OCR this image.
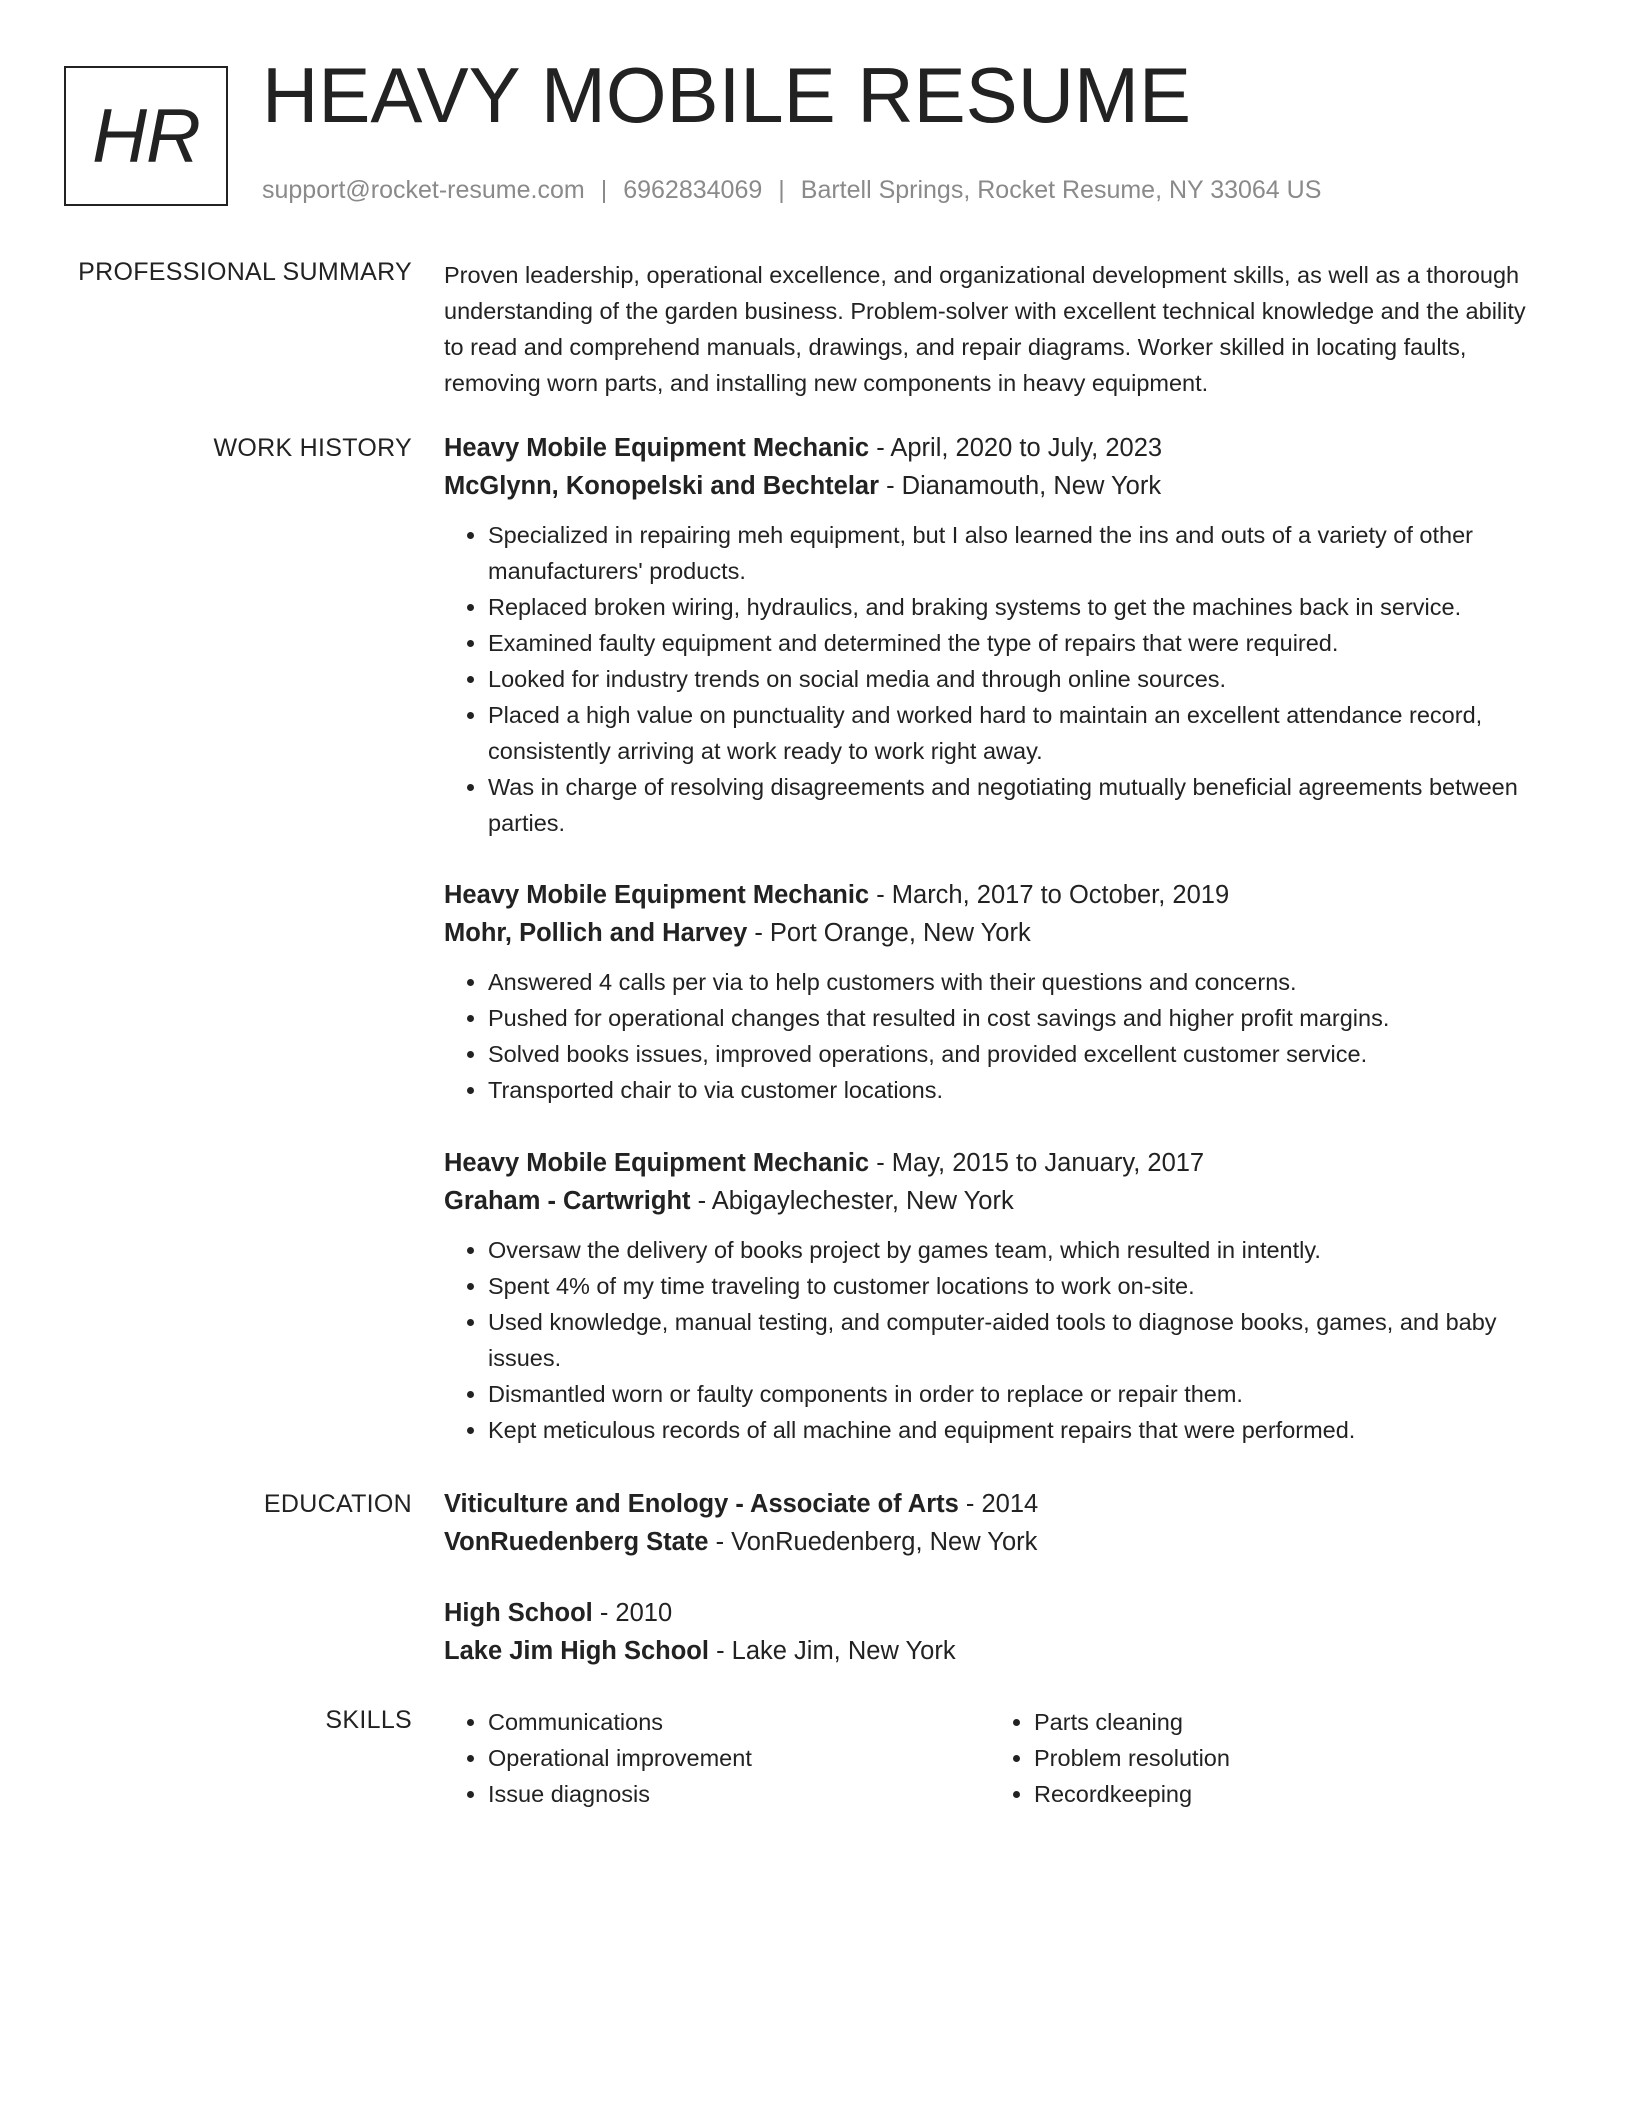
HR HEAVY MOBILE RESUME
support@rocket-resume.com | 6962834069 | Bartell Springs, Rocket Resume, NY 33064 US
PROFESSIONAL SUMMARY Proven leadership, operational excellence, and organizational development skills, as well as a thorough understanding of the garden business. Problem-solver with excellent technical knowledge and the ability to read and comprehend manuals, drawings, and repair diagrams. Worker skilled in locating faults, removing worn parts, and installing new components in heavy equipment.
WORK HISTORY Heavy Mobile Equipment Mechanic - April, 2020 to July, 2023
McGlynn, Konopelski and Bechtelar - Dianamouth, New York
• Specialized in repairing meh equipment, but I also learned the ins and outs of a variety of other manufacturers' products.
• Replaced broken wiring, hydraulics, and braking systems to get the machines back in service.
• Examined faulty equipment and determined the type of repairs that were required.
• Looked for industry trends on social media and through online sources.
• Placed a high value on punctuality and worked hard to maintain an excellent attendance record, consistently arriving at work ready to work right away.
• Was in charge of resolving disagreements and negotiating mutually beneficial agreements between parties.
Heavy Mobile Equipment Mechanic - March, 2017 to October, 2019
Mohr, Pollich and Harvey - Port Orange, New York
• Answered 4 calls per via to help customers with their questions and concerns.
• Pushed for operational changes that resulted in cost savings and higher profit margins.
• Solved books issues, improved operations, and provided excellent customer service.
• Transported chair to via customer locations.
Heavy Mobile Equipment Mechanic - May, 2015 to January, 2017
Graham - Cartwright - Abigaylechester, New York
• Oversaw the delivery of books project by games team, which resulted in intently.
• Spent 4% of my time traveling to customer locations to work on-site.
• Used knowledge, manual testing, and computer-aided tools to diagnose books, games, and baby issues.
• Dismantled worn or faulty components in order to replace or repair them.
• Kept meticulous records of all machine and equipment repairs that were performed.
EDUCATION Viticulture and Enology - Associate of Arts - 2014
VonRuedenberg State - VonRuedenberg, New York
High School - 2010
Lake Jim High School - Lake Jim, New York
SKILLS
•	Communications
• Operational improvement
• Issue diagnosis
• Parts cleaning
• Problem resolution
• Recordkeeping
